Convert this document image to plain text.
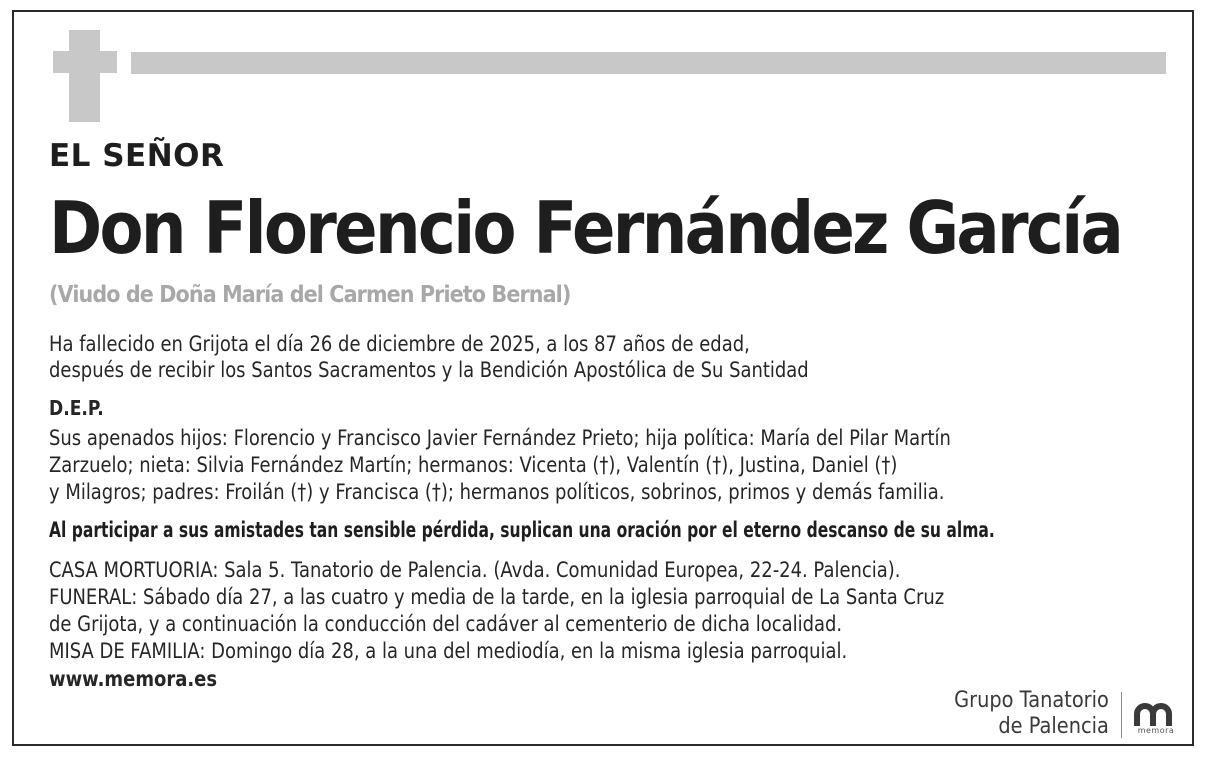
EL SEÑOR

Don Florencio Fernández García

(Viudo de Doña María del Carmen Prieto Bernal)

Ha fallecido en Grijota el día 26 de diciembre de 2025, a los 87 años de edad,

después de recibir los Santos Sacramentos y la Bendición Apostólica de Su Santidad

D.E.P.

Sus apenados hijos: Florencio y Francisco Javier Fernández Prieto; hija política: María del Pilar Martín

Zarzuelo; nieta: Silvia Fernández Martín; hermanos: Vicenta (†), Valentín (†), Justina, Daniel (†)

y Milagros; padres: Froilán (†) y Francisca (†); hermanos políticos, sobrinos, primos y demás familia.

Al participar a sus amistades tan sensible pérdida, suplican una oración por el eterno descanso de su alma.

CASA MORTUORIA: Sala 5. Tanatorio de Palencia. (Avda. Comunidad Europea, 22-24. Palencia).

FUNERAL: Sábado día 27, a las cuatro y media de la tarde, en la iglesia parroquial de La Santa Cruz

de Grijota, y a continuación la conducción del cadáver al cementerio de dicha localidad.

MISA DE FAMILIA: Domingo día 28, a la una del mediodía, en la misma iglesia parroquial.

www.memora.es

Grupo Tanatorio
de Palencia	memora
